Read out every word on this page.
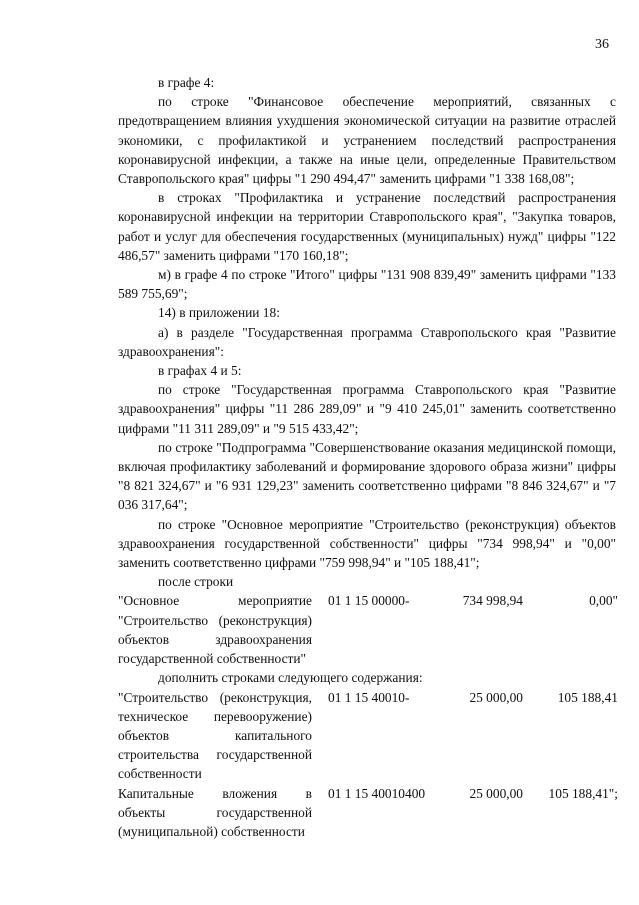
36

в графе 4:

по строке "Финансовое обеспечение мероприятий, связанных с предотвращением влияния ухудшения экономической ситуации на развитие отраслей экономики, с профилактикой и устранением последствий распространения коронавирусной инфекции, а также на иные цели, определенные Правительством Ставропольского края" цифры "1 290 494,47" заменить цифрами "1 338 168,08";

в строках "Профилактика и устранение последствий распространения коронавирусной инфекции на территории Ставропольского края", "Закупка товаров, работ и услуг для обеспечения государственных (муниципальных) нужд" цифры "122 486,57" заменить цифрами "170 160,18";

м) в графе 4 по строке "Итого" цифры "131 908 839,49" заменить цифрами "133 589 755,69";

14) в приложении 18:

а) в разделе "Государственная программа Ставропольского края "Развитие здравоохранения":

в графах 4 и 5:

по строке "Государственная программа Ставропольского края "Развитие здравоохранения" цифры "11 286 289,09" и "9 410 245,01" заменить соответственно цифрами "11 311 289,09" и "9 515 433,42";

по строке "Подпрограмма "Совершенствование оказания медицинской помощи, включая профилактику заболеваний и формирование здорового образа жизни" цифры "8 821 324,67" и "6 931 129,23" заменить соответственно цифрами "8 846 324,67" и "7 036 317,64";

по строке "Основное мероприятие "Строительство (реконструкция) объектов здравоохранения государственной собственности" цифры "734 998,94" и "0,00" заменить соответственно цифрами "759 998,94" и "105 188,41";

после строки

"Основное мероприятие "Строительство (реконструкция) объектов здравоохранения государственной собственности"
01 1 15 00000 -	734 998,94	0,00"

дополнить строками следующего содержания:

"Строительство (реконструкция, техническое перевооружение) объектов капитального строительства государственной собственности
01 1 15 40010 -	25 000,00	105 188,41
Капитальные вложения в объекты государственной (муниципальной) собственности
01 1 15 40010 400	25 000,00	105 188,41";
